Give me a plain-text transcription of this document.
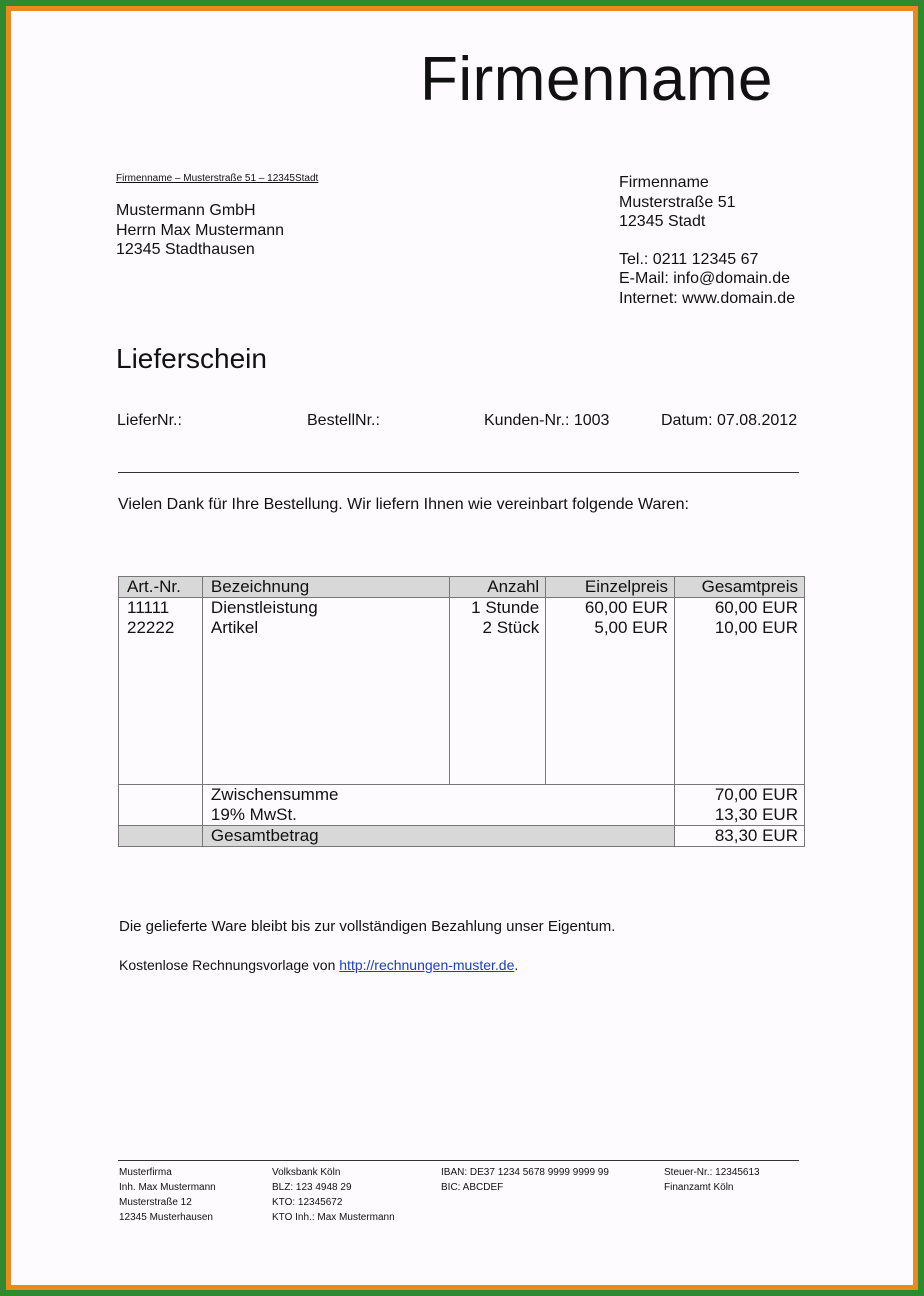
Firmenname
Firmenname – Musterstraße 51 – 12345Stadt
Mustermann GmbH
Herrn Max Mustermann
12345 Stadthausen
Firmenname
Musterstraße 51
12345 Stadt
Tel.: 0211 12345 67
E-Mail: info@domain.de
Internet: www.domain.de
Lieferschein
LieferNr.:	BestellNr.:	Kunden-Nr.: 1003	Datum: 07.08.2012
Vielen Dank für Ihre Bestellung. Wir liefern Ihnen wie vereinbart folgende Waren:
Art.-Nr.	Bezeichnung	Anzahl	Einzelpreis	Gesamtpreis
11111	Dienstleistung	1 Stunde	60,00 EUR	60,00 EUR
22222	Artikel	2 Stück	5,00 EUR	10,00 EUR

	Zwischensumme			70,00 EUR
	19% MwSt.			13,30 EUR
	Gesamtbetrag			83,30 EUR
Die gelieferte Ware bleibt bis zur vollständigen Bezahlung unser Eigentum.
Kostenlose Rechnungsvorlage von http://rechnungen-muster.de.
Musterfirma
Inh. Max Mustermann
Musterstraße 12
12345 Musterhausen
Volksbank Köln
BLZ: 123 4948 29
KTO: 12345672
KTO Inh.: Max Mustermann
IBAN: DE37 1234 5678 9999 9999 99
BIC: ABCDEF
Steuer-Nr.: 12345613
Finanzamt Köln
